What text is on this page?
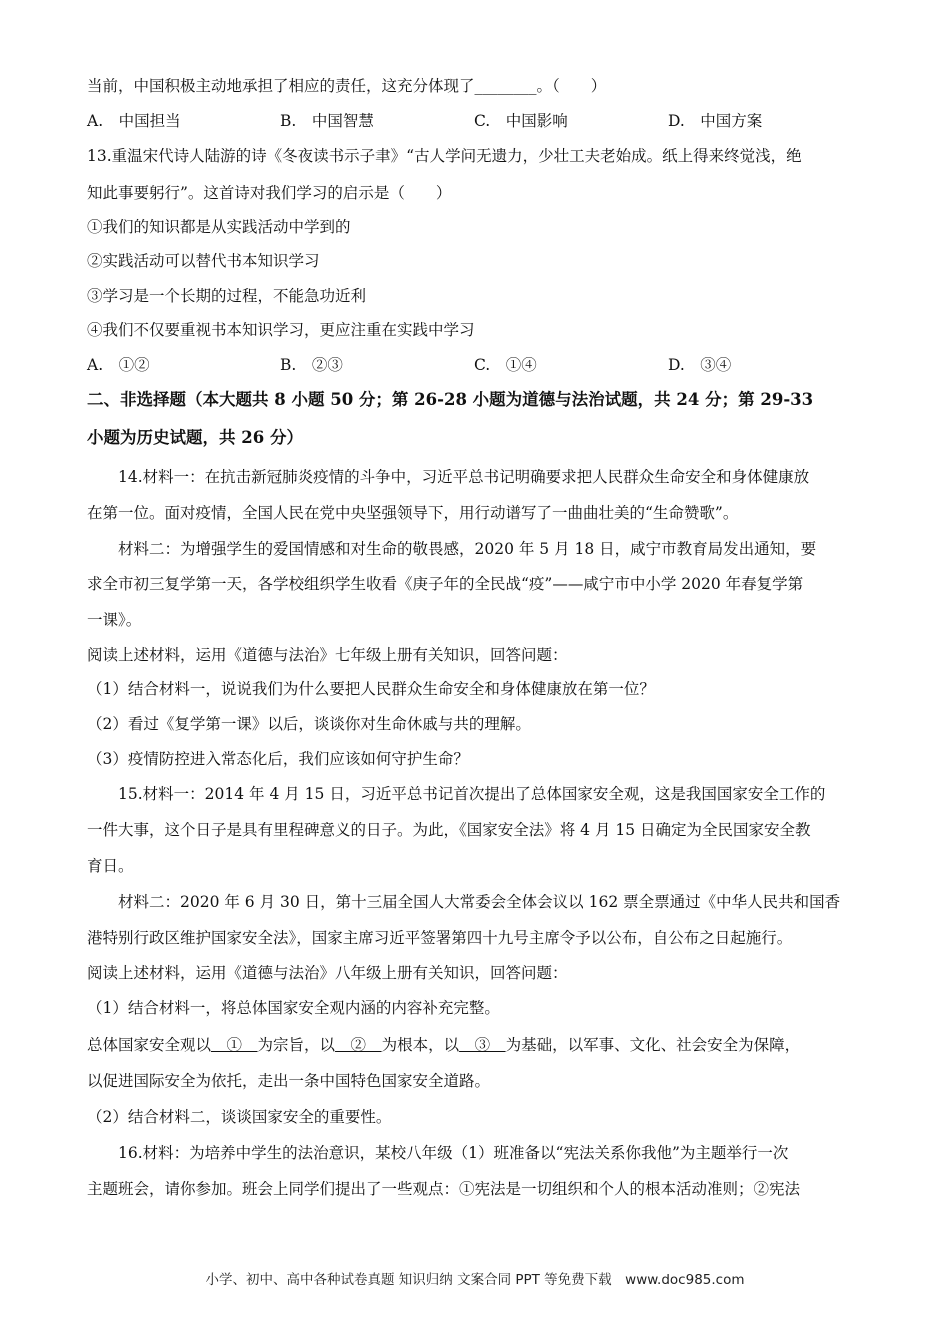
当前，中国积极主动地承担了相应的责任，这充分体现了________。（　　）
A.　中国担当	B.　中国智慧	C.　中国影响	D.　中国方案
13.重温宋代诗人陆游的诗《冬夜读书示子聿》“古人学问无遗力，少壮工夫老始成。纸上得来终觉浅，绝
知此事要躬行”。这首诗对我们学习的启示是（　　）
①我们的知识都是从实践活动中学到的
②实践活动可以替代书本知识学习
③学习是一个长期的过程，不能急功近利
④我们不仅要重视书本知识学习，更应注重在实践中学习
A.　①②	B.　②③	C.　①④	D.　③④
二、非选择题（本大题共 8 小题 50 分；第 26-28 小题为道德与法治试题，共 24 分；第 29-33
小题为历史试题，共 26 分）
14.材料一：在抗击新冠肺炎疫情的斗争中，习近平总书记明确要求把人民群众生命安全和身体健康放
在第一位。面对疫情，全国人民在党中央坚强领导下，用行动谱写了一曲曲壮美的“生命赞歌”。
材料二：为增强学生的爱国情感和对生命的敬畏感，2020 年 5 月 18 日，咸宁市教育局发出通知，要
求全市初三复学第一天，各学校组织学生收看《庚子年的全民战“疫”——咸宁市中小学 2020 年春复学第
一课》。
阅读上述材料，运用《道德与法治》七年级上册有关知识，回答问题：
（1）结合材料一，说说我们为什么要把人民群众生命安全和身体健康放在第一位？
（2）看过《复学第一课》以后，谈谈你对生命休戚与共的理解。
（3）疫情防控进入常态化后，我们应该如何守护生命？
15.材料一：2014 年 4 月 15 日，习近平总书记首次提出了总体国家安全观，这是我国国家安全工作的
一件大事，这个日子是具有里程碑意义的日子。为此，《国家安全法》将 4 月 15 日确定为全民国家安全教
育日。
材料二：2020 年 6 月 30 日，第十三届全国人大常委会全体会议以 162 票全票通过《中华人民共和国香
港特别行政区维护国家安全法》，国家主席习近平签署第四十九号主席令予以公布，自公布之日起施行。
阅读上述材料，运用《道德与法治》八年级上册有关知识，回答问题：
（1）结合材料一，将总体国家安全观内涵的内容补充完整。
总体国家安全观以　①　为宗旨，以　②　为根本，以　③　为基础，以军事、文化、社会安全为保障，
以促进国际安全为依托，走出一条中国特色国家安全道路。
（2）结合材料二，谈谈国家安全的重要性。
16.材料：为培养中学生的法治意识，某校八年级（1）班准备以“宪法关系你我他”为主题举行一次
主题班会，请你参加。班会上同学们提出了一些观点：①宪法是一切组织和个人的根本活动准则；②宪法
小学、初中、高中各种试卷真题 知识归纳 文案合同 PPT 等免费下载　www.doc985.com
